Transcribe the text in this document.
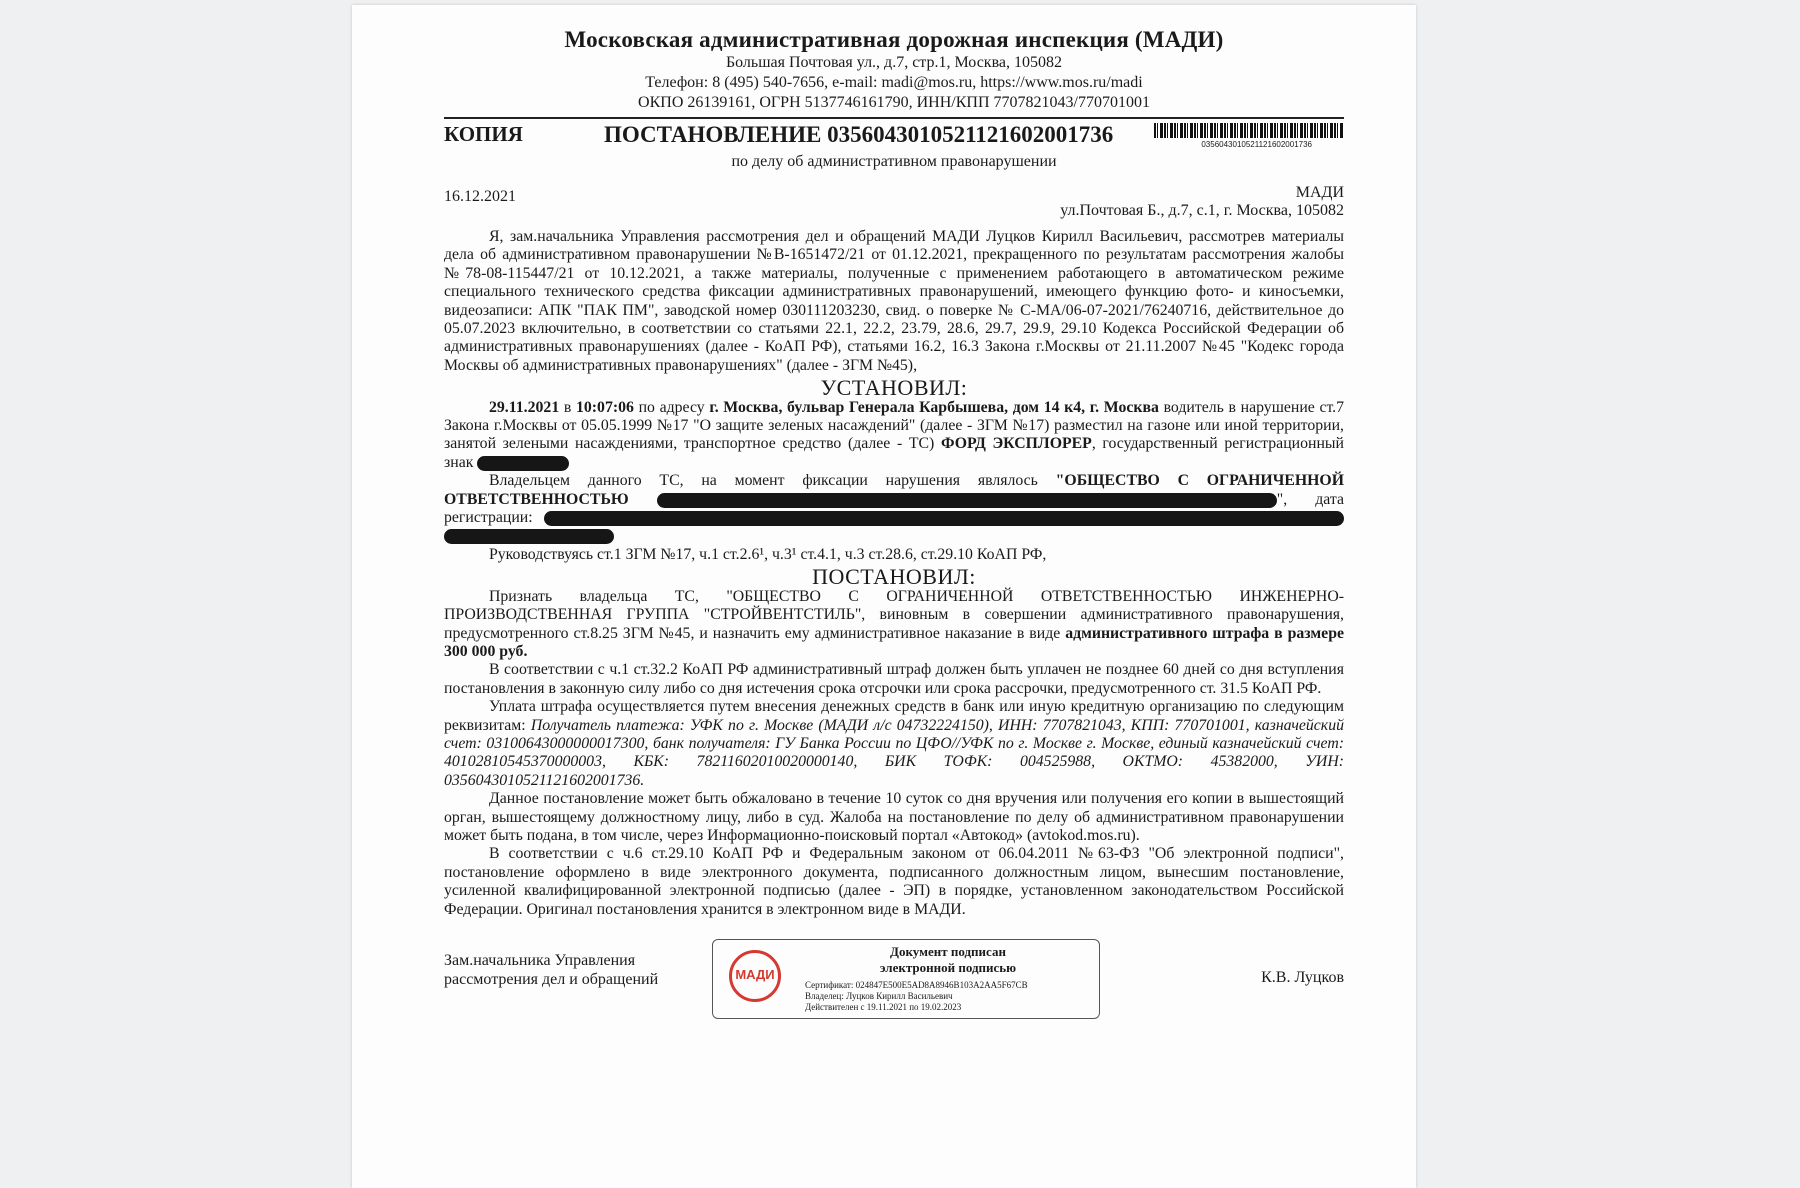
Московская административная дорожная инспекция (МАДИ)
Большая Почтовая ул., д.7, стр.1, Москва, 105082
Телефон: 8 (495) 540-7656, e-mail: madi@mos.ru, https://www.mos.ru/madi
ОКПО 26139161, ОГРН 5137746161790, ИНН/КПП 7707821043/770701001
КОПИЯ	ПОСТАНОВЛЕНИЕ 0356043010521121602001736	0356043010521121602001736
по делу об административном правонарушении
16.12.2021	МАДИ
ул.Почтовая Б., д.7, с.1, г. Москва, 105082

Я, зам.начальника Управления рассмотрения дел и обращений МАДИ Луцков Кирилл Васильевич, рассмотрев материалы дела об административном правонарушении №В-1651472/21 от 01.12.2021, прекращенного по результатам рассмотрения жалобы №78-08-115447/21 от 10.12.2021, а также материалы, полученные с применением работающего в автоматическом режиме специального технического средства фиксации административных правонарушений, имеющего функцию фото- и киносъемки, видеозаписи: АПК "ПАК ПМ", заводской номер 030111203230, свид. о поверке № С-МА/06-07-2021/76240716, действительное до 05.07.2023 включительно, в соответствии со статьями 22.1, 22.2, 23.79, 28.6, 29.7, 29.9, 29.10 Кодекса Российской Федерации об административных правонарушениях (далее - КоАП РФ), статьями 16.2, 16.3 Закона г.Москвы от 21.11.2007 №45 "Кодекс города Москвы об административных правонарушениях" (далее - ЗГМ №45),

УСТАНОВИЛ:

29.11.2021 в 10:07:06 по адресу г. Москва, бульвар Генерала Карбышева, дом 14 к4, г. Москва водитель в нарушение ст.7 Закона г.Москвы от 05.05.1999 №17 "О защите зеленых насаждений" (далее - ЗГМ №17) разместил на газоне или иной территории, занятой зелеными насаждениями, транспортное средство (далее - ТС) ФОРД ЭКСПЛОРЕР, государственный регистрационный знак

Владельцем данного ТС, на момент фиксации нарушения являлось "ОБЩЕСТВО С ОГРАНИЧЕННОЙ ОТВЕТСТВЕННОСТЬЮ	", дата регистрации:

Руководствуясь ст.1 ЗГМ №17, ч.1 ст.2.6¹, ч.3¹ ст.4.1, ч.3 ст.28.6, ст.29.10 КоАП РФ,

ПОСТАНОВИЛ:

Признать владельца ТС, "ОБЩЕСТВО С ОГРАНИЧЕННОЙ ОТВЕТСТВЕННОСТЬЮ ИНЖЕНЕРНО-ПРОИЗВОДСТВЕННАЯ ГРУППА "СТРОЙВЕНТСТИЛЬ", виновным в совершении административного правонарушения, предусмотренного ст.8.25 ЗГМ №45, и назначить ему административное наказание в виде административного штрафа в размере 300 000 руб.

В соответствии с ч.1 ст.32.2 КоАП РФ административный штраф должен быть уплачен не позднее 60 дней со дня вступления постановления в законную силу либо со дня истечения срока отсрочки или срока рассрочки, предусмотренного ст. 31.5 КоАП РФ.

Уплата штрафа осуществляется путем внесения денежных средств в банк или иную кредитную организацию по следующим реквизитам: Получатель платежа: УФК по г. Москве (МАДИ л/с 04732224150), ИНН: 7707821043, КПП: 770701001, казначейский счет: 03100643000000017300, банк получателя: ГУ Банка России по ЦФО//УФК по г. Москве г. Москве, единый казначейский счет: 40102810545370000003, КБК: 78211602010020000140, БИК ТОФК: 004525988, ОКТМО: 45382000, УИН: 0356043010521121602001736.

Данное постановление может быть обжаловано в течение 10 суток со дня вручения или получения его копии в вышестоящий орган, вышестоящему должностному лицу, либо в суд. Жалоба на постановление по делу об административном правонарушении может быть подана, в том числе, через Информационно-поисковый портал «Автокод» (avtokod.mos.ru).

В соответствии с ч.6 ст.29.10 КоАП РФ и Федеральным законом от 06.04.2011 №63-ФЗ "Об электронной подписи", постановление оформлено в виде электронного документа, подписанного должностным лицом, вынесшим постановление, усиленной квалифицированной электронной подписью (далее - ЭП) в порядке, установленном законодательством Российской Федерации. Оригинал постановления хранится в электронном виде в МАДИ.

Зам.начальника Управления
рассмотрения дел и обращений	МАДИ
Документ подписан
электронной подписью
Сертификат: 024847E500E5AD8A8946B103A2AA5F67CB
Владелец: Луцков Кирилл Васильевич
Действителен с 19.11.2021 по 19.02.2023
К.В. Луцков
